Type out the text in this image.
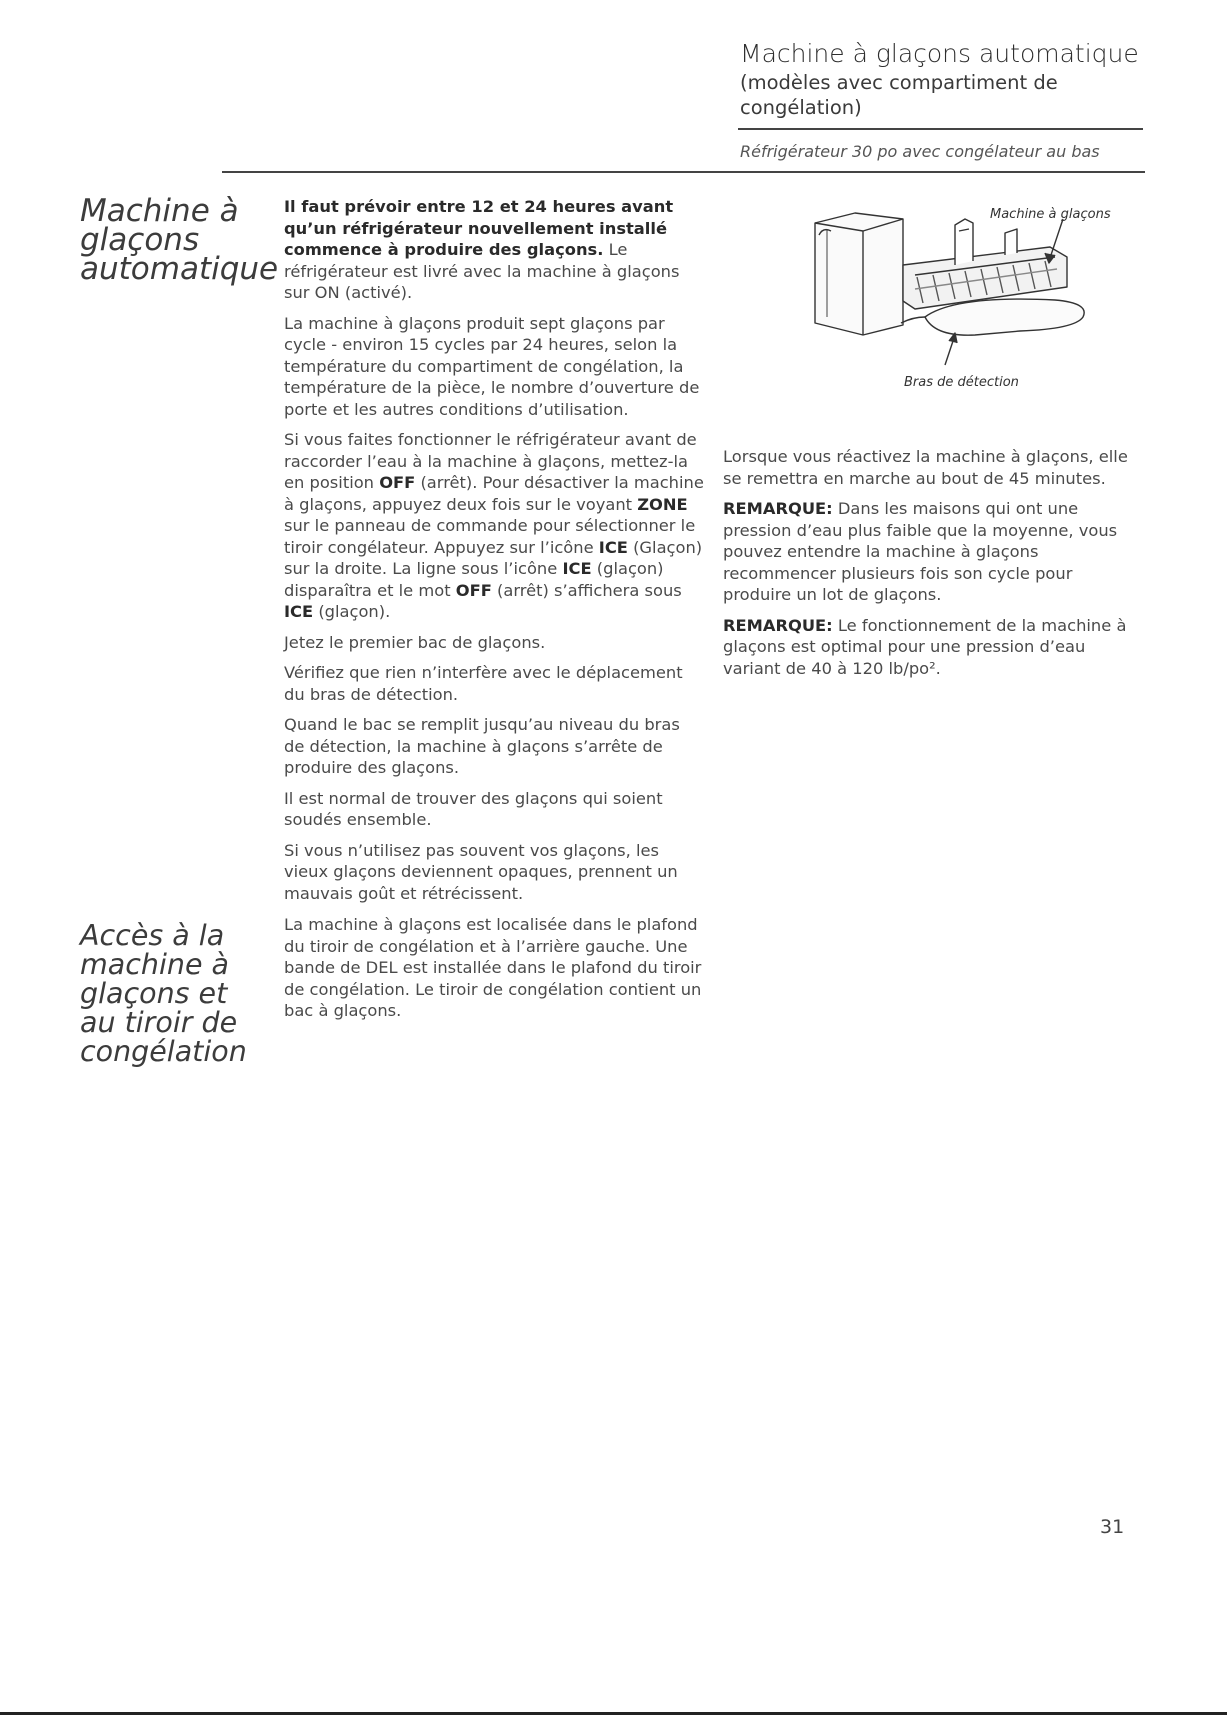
Machine à glaçons automatique
(modèles avec compartiment de congélation)
Réfrigérateur 30 po avec congélateur au bas
Machine à glaçons automatique
Accès à la machine à glaçons et au tiroir de congélation

Il faut prévoir entre 12 et 24 heures avant qu’un réfrigérateur nouvellement installé commence à produire des glaçons. Le réfrigérateur est livré avec la machine à glaçons sur ON (activé).

La machine à glaçons produit sept glaçons par cycle - environ 15 cycles par 24 heures, selon la température du compartiment de congélation, la température de la pièce, le nombre d’ouverture de porte et les autres conditions d’utilisation.

Si vous faites fonctionner le réfrigérateur avant de raccorder l’eau à la machine à glaçons, mettez-la en position OFF (arrêt). Pour désactiver la machine à glaçons, appuyez deux fois sur le voyant ZONE sur le panneau de commande pour sélectionner le tiroir congélateur. Appuyez sur l’icône ICE (Glaçon) sur la droite. La ligne sous l’icône ICE (glaçon) disparaîtra et le mot OFF (arrêt) s’affichera sous ICE (glaçon).

Jetez le premier bac de glaçons.

Vérifiez que rien n’interfère avec le déplacement du bras de détection.

Quand le bac se remplit jusqu’au niveau du bras de détection, la machine à glaçons s’arrête de produire des glaçons.

Il est normal de trouver des glaçons qui soient soudés ensemble.

Si vous n’utilisez pas souvent vos glaçons, les vieux glaçons deviennent opaques, prennent un mauvais goût et rétrécissent.

La machine à glaçons est localisée dans le plafond du tiroir de congélation et à l’arrière gauche. Une bande de DEL est installée dans le plafond du tiroir de congélation. Le tiroir de congélation contient un bac à glaçons.

Machine à glaçons
Bras de détection

Lorsque vous réactivez la machine à glaçons, elle se remettra en marche au bout de 45 minutes.

REMARQUE: Dans les maisons qui ont une pression d’eau plus faible que la moyenne, vous pouvez entendre la machine à glaçons recommencer plusieurs fois son cycle pour produire un lot de glaçons.

REMARQUE: Le fonctionnement de la machine à glaçons est optimal pour une pression d’eau variant de 40 à 120 lb/po².

31
